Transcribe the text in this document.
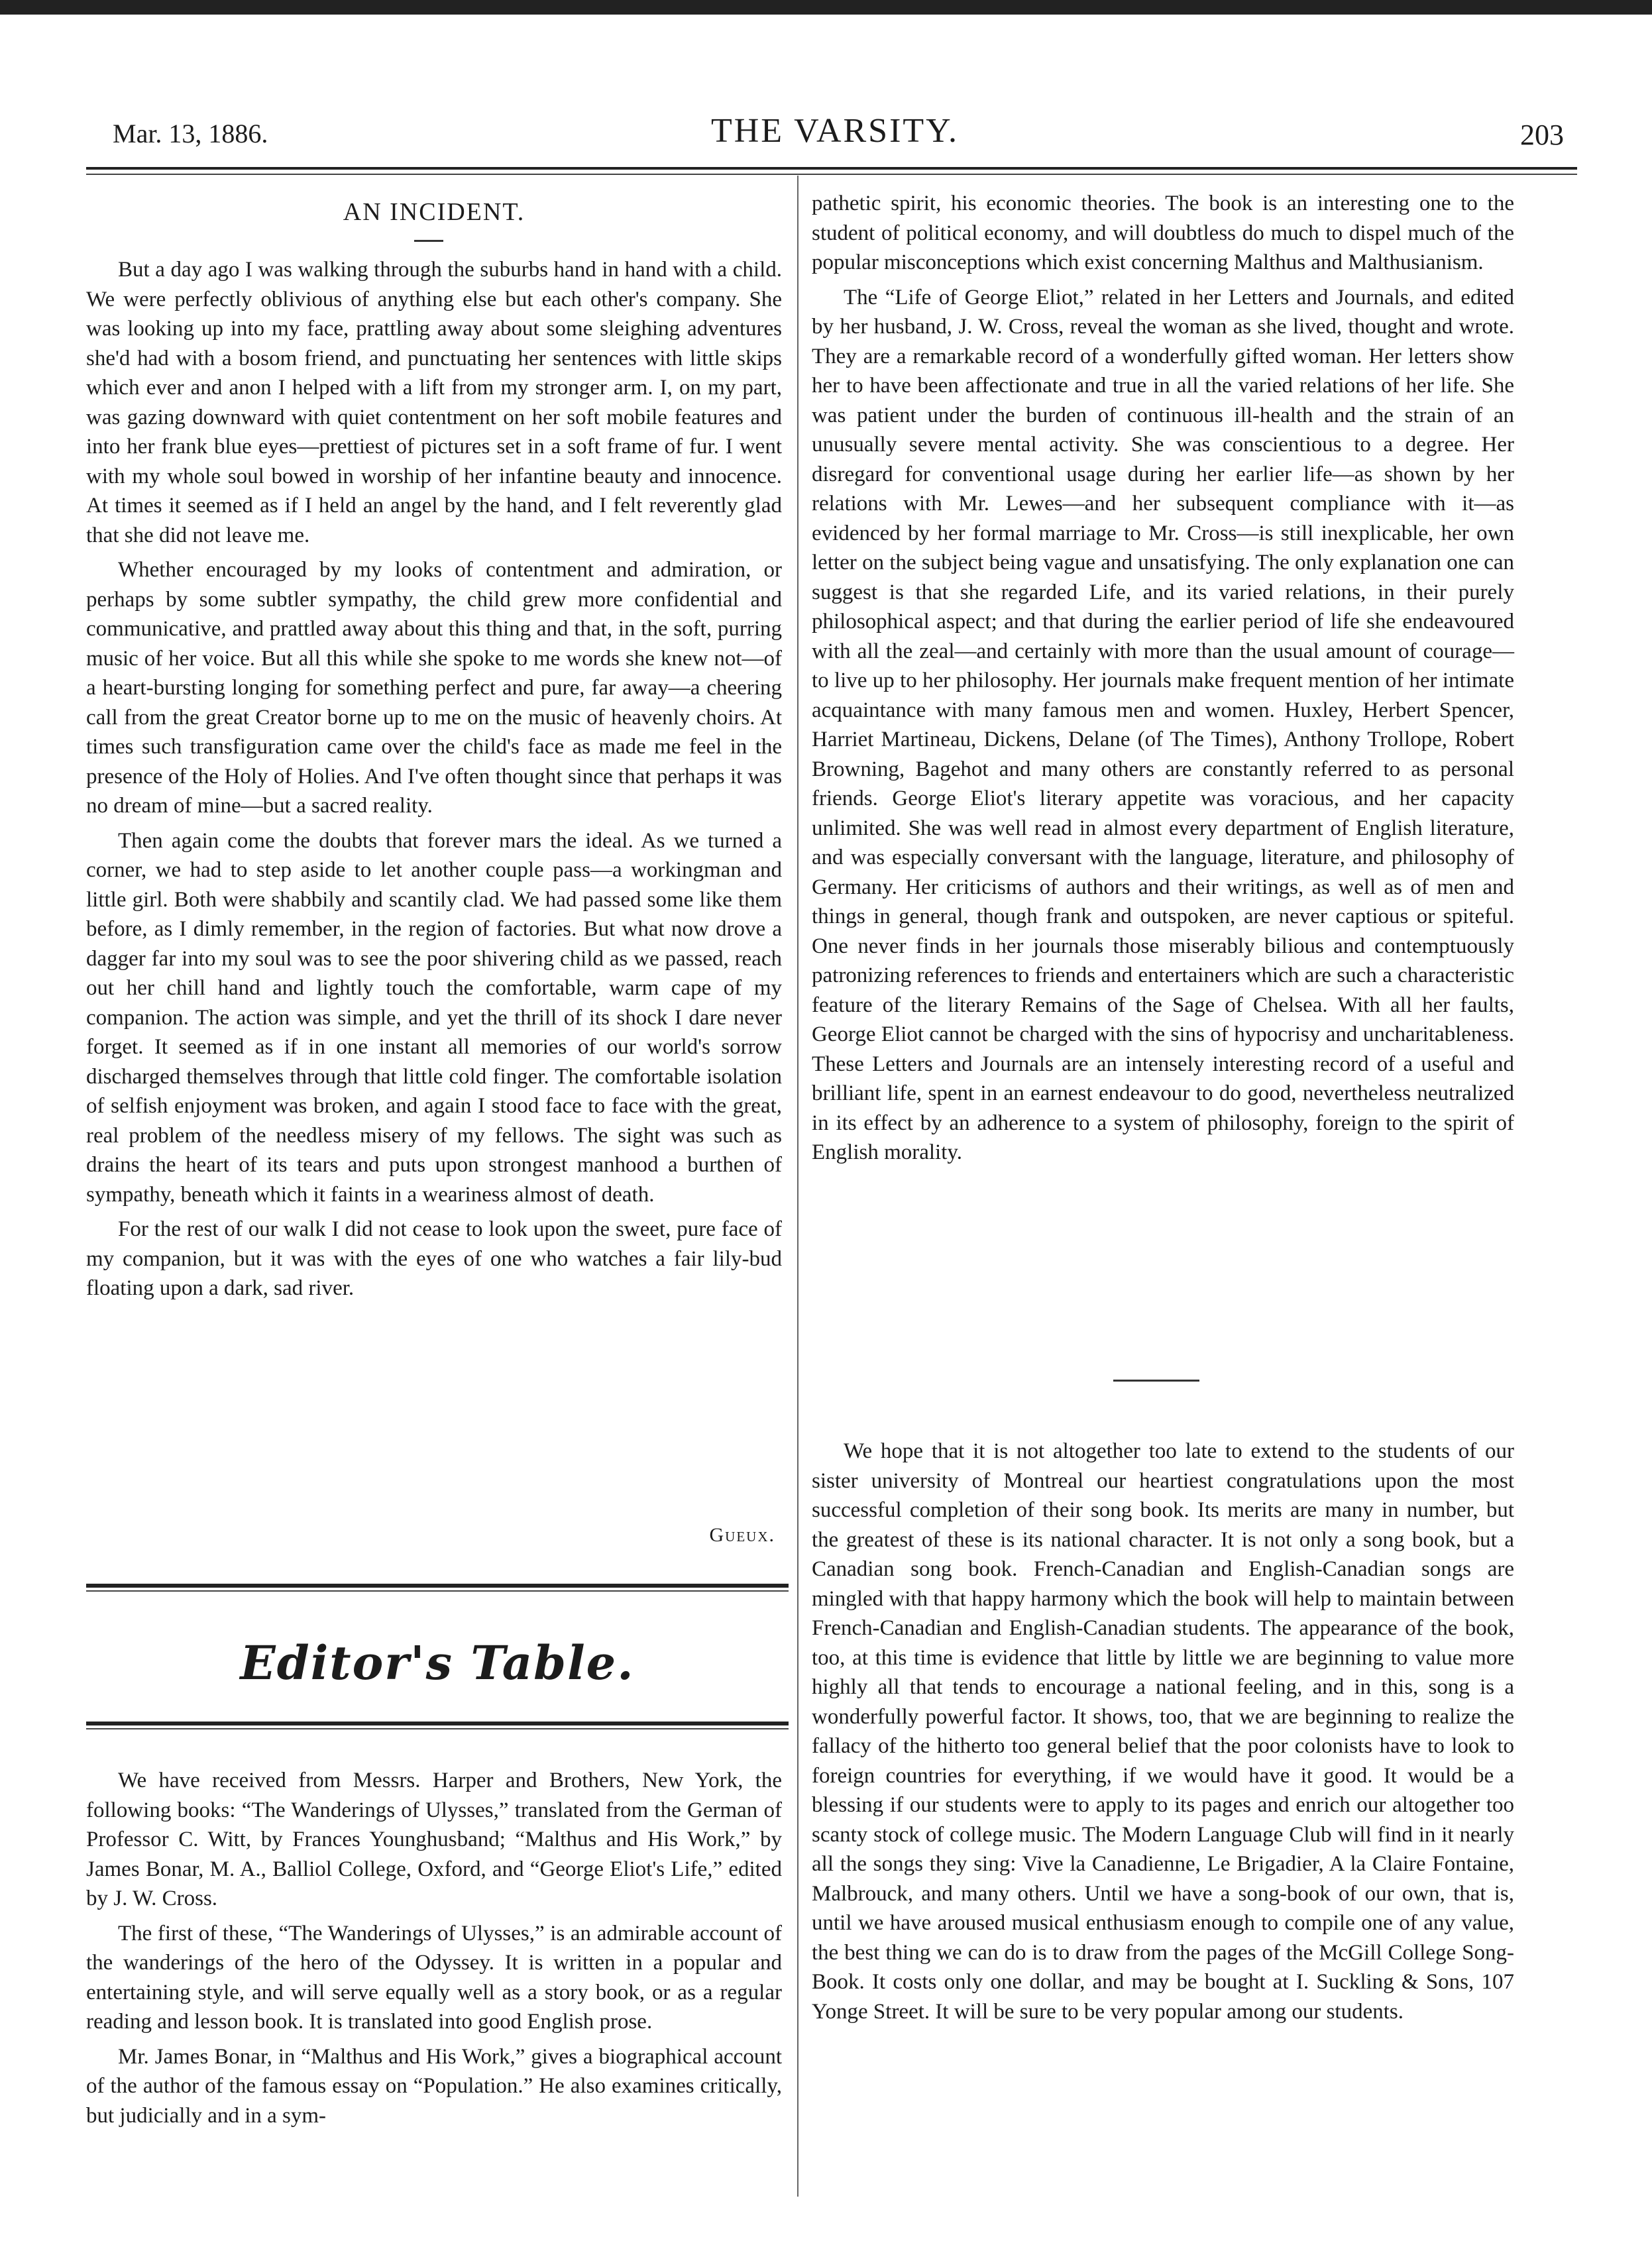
Mar. 13, 1886.	THE VARSITY.	203
AN INCIDENT.

But a day ago I was walking through the suburbs hand in hand with a child. We were perfectly oblivious of anything else but each other's company. She was looking up into my face, prattling away about some sleighing adventures she'd had with a bosom friend, and punctuating her sentences with little skips which ever and anon I helped with a lift from my stronger arm. I, on my part, was gazing downward with quiet contentment on her soft mobile features and into her frank blue eyes—prettiest of pictures set in a soft frame of fur. I went with my whole soul bowed in worship of her infantine beauty and innocence. At times it seemed as if I held an angel by the hand, and I felt reverently glad that she did not leave me.

Whether encouraged by my looks of contentment and admiration, or perhaps by some subtler sympathy, the child grew more confidential and communicative, and prattled away about this thing and that, in the soft, purring music of her voice. But all this while she spoke to me words she knew not—of a heart-bursting longing for something perfect and pure, far away—a cheering call from the great Creator borne up to me on the music of heavenly choirs. At times such transfiguration came over the child's face as made me feel in the presence of the Holy of Holies. And I've often thought since that perhaps it was no dream of mine—but a sacred reality.

Then again come the doubts that forever mars the ideal. As we turned a corner, we had to step aside to let another couple pass—a workingman and little girl. Both were shabbily and scantily clad. We had passed some like them before, as I dimly remember, in the region of factories. But what now drove a dagger far into my soul was to see the poor shivering child as we passed, reach out her chill hand and lightly touch the comfortable, warm cape of my companion. The action was simple, and yet the thrill of its shock I dare never forget. It seemed as if in one instant all memories of our world's sorrow discharged themselves through that little cold finger. The comfortable isolation of selfish enjoyment was broken, and again I stood face to face with the great, real problem of the needless misery of my fellows. The sight was such as drains the heart of its tears and puts upon strongest manhood a burthen of sympathy, beneath which it faints in a weariness almost of death.

For the rest of our walk I did not cease to look upon the sweet, pure face of my companion, but it was with the eyes of one who watches a fair lily-bud floating upon a dark, sad river.

Gueux.
Editor's Table.

We have received from Messrs. Harper and Brothers, New York, the following books: “The Wanderings of Ulysses,” translated from the German of Professor C. Witt, by Frances Younghusband; “Malthus and His Work,” by James Bonar, M. A., Balliol College, Oxford, and “George Eliot's Life,” edited by J. W. Cross.

The first of these, “The Wanderings of Ulysses,” is an admirable account of the wanderings of the hero of the Odyssey. It is written in a popular and entertaining style, and will serve equally well as a story book, or as a regular reading and lesson book. It is translated into good English prose.

Mr. James Bonar, in “Malthus and His Work,” gives a biographical account of the author of the famous essay on “Population.” He also examines critically, but judicially and in a sym-

pathetic spirit, his economic theories. The book is an interesting one to the student of political economy, and will doubtless do much to dispel much of the popular misconceptions which exist concerning Malthus and Malthusianism.

The “Life of George Eliot,” related in her Letters and Journals, and edited by her husband, J. W. Cross, reveal the woman as she lived, thought and wrote. They are a remarkable record of a wonderfully gifted woman. Her letters show her to have been affectionate and true in all the varied relations of her life. She was patient under the burden of continuous ill-health and the strain of an unusually severe mental activity. She was conscientious to a degree. Her disregard for conventional usage during her earlier life—as shown by her relations with Mr. Lewes—and her subsequent compliance with it—as evidenced by her formal marriage to Mr. Cross—is still inexplicable, her own letter on the subject being vague and unsatisfying. The only explanation one can suggest is that she regarded Life, and its varied relations, in their purely philosophical aspect; and that during the earlier period of life she endeavoured with all the zeal—and certainly with more than the usual amount of courage—to live up to her philosophy. Her journals make frequent mention of her intimate acquaintance with many famous men and women. Huxley, Herbert Spencer, Harriet Martineau, Dickens, Delane (of The Times), Anthony Trollope, Robert Browning, Bagehot and many others are constantly referred to as personal friends. George Eliot's literary appetite was voracious, and her capacity unlimited. She was well read in almost every department of English literature, and was especially conversant with the language, literature, and philosophy of Germany. Her criticisms of authors and their writings, as well as of men and things in general, though frank and outspoken, are never captious or spiteful. One never finds in her journals those miserably bilious and contemptuously patronizing references to friends and entertainers which are such a characteristic feature of the literary Remains of the Sage of Chelsea. With all her faults, George Eliot cannot be charged with the sins of hypocrisy and uncharitableness. These Letters and Journals are an intensely interesting record of a useful and brilliant life, spent in an earnest endeavour to do good, nevertheless neutralized in its effect by an adherence to a system of philosophy, foreign to the spirit of English morality.

We hope that it is not altogether too late to extend to the students of our sister university of Montreal our heartiest congratulations upon the most successful completion of their song book. Its merits are many in number, but the greatest of these is its national character. It is not only a song book, but a Canadian song book. French-Canadian and English-Canadian songs are mingled with that happy harmony which the book will help to maintain between French-Canadian and English-Canadian students. The appearance of the book, too, at this time is evidence that little by little we are beginning to value more highly all that tends to encourage a national feeling, and in this, song is a wonderfully powerful factor. It shows, too, that we are beginning to realize the fallacy of the hitherto too general belief that the poor colonists have to look to foreign countries for everything, if we would have it good. It would be a blessing if our students were to apply to its pages and enrich our altogether too scanty stock of college music. The Modern Language Club will find in it nearly all the songs they sing: Vive la Canadienne, Le Brigadier, A la Claire Fontaine, Malbrouck, and many others. Until we have a song-book of our own, that is, until we have aroused musical enthusiasm enough to compile one of any value, the best thing we can do is to draw from the pages of the McGill College Song-Book. It costs only one dollar, and may be bought at I. Suckling & Sons, 107 Yonge Street. It will be sure to be very popular among our students.
